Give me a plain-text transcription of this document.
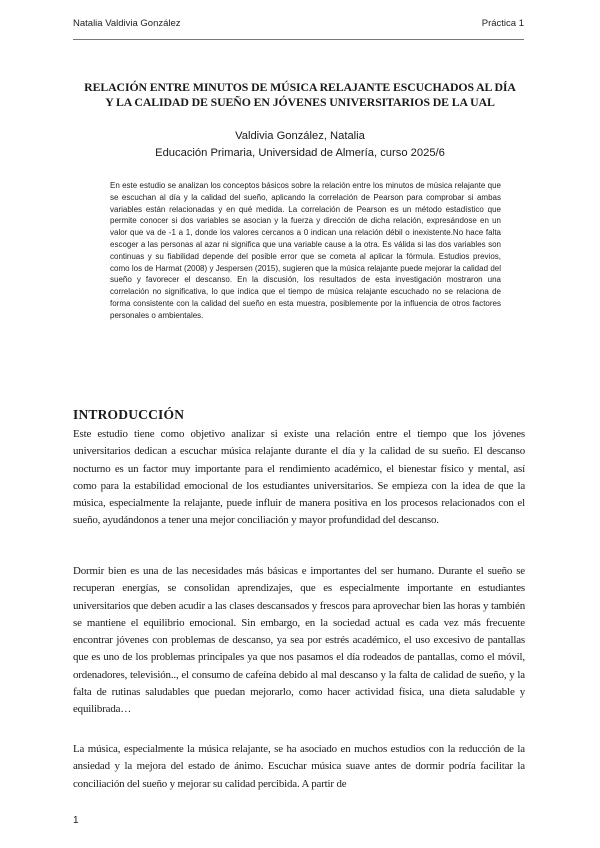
Natalia Valdivia González	Práctica 1
RELACIÓN ENTRE MINUTOS DE MÚSICA RELAJANTE ESCUCHADOS AL DÍA
Y LA CALIDAD DE SUEÑO EN JÓVENES UNIVERSITARIOS DE LA UAL
Valdivia González, Natalia
Educación Primaria, Universidad de Almería, curso 2025/6
En este estudio se analizan los conceptos básicos sobre la relación entre los minutos de música relajante que se escuchan al día y la calidad del sueño, aplicando la correlación de Pearson para comprobar si ambas variables están relacionadas y en qué medida. La correlación de Pearson es un método estadístico que permite conocer si dos variables se asocian y la fuerza y dirección de dicha relación, expresándose en un valor que va de -1 a 1, donde los valores cercanos a 0 indican una relación débil o inexistente.No hace falta escoger a las personas al azar ni significa que una variable cause a la otra. Es válida si las dos variables son continuas y su fiabilidad depende del posible error que se cometa al aplicar la fórmula. Estudios previos, como los de Harmat (2008) y Jespersen (2015), sugieren que la música relajante puede mejorar la calidad del sueño y favorecer el descanso. En la discusión, los resultados de esta investigación mostraron una correlación no significativa, lo que indica que el tiempo de música relajante escuchado no se relaciona de forma consistente con la calidad del sueño en esta muestra, posiblemente por la influencia de otros factores personales o ambientales.
INTRODUCCIÓN
Este estudio tiene como objetivo analizar si existe una relación entre el tiempo que los jóvenes universitarios dedican a escuchar música relajante durante el día y la calidad de su sueño. El descanso nocturno es un factor muy importante para el rendimiento académico, el bienestar físico y mental, así como para la estabilidad emocional de los estudiantes universitarios. Se empieza con la idea de que la música, especialmente la relajante, puede influir de manera positiva en los procesos relacionados con el sueño, ayudándonos a tener una mejor conciliación y mayor profundidad del descanso.
Dormir bien es una de las necesidades más básicas e importantes del ser humano. Durante el sueño se recuperan energías, se consolidan aprendizajes, que es especialmente importante en estudiantes universitarios que deben acudir a las clases descansados y frescos para aprovechar bien las horas y también se mantiene el equilibrio emocional. Sin embargo, en la sociedad actual es cada vez más frecuente encontrar jóvenes con problemas de descanso, ya sea por estrés académico, el uso excesivo de pantallas que es uno de los problemas principales ya que nos pasamos el día rodeados de pantallas, como el móvil, ordenadores, televisión.., el consumo de cafeína debido al mal descanso y la falta de calidad de sueño, y la falta de rutinas saludables que puedan mejorarlo, como hacer actividad física, una dieta saludable y equilibrada…
La música, especialmente la música relajante, se ha asociado en muchos estudios con la reducción de la ansiedad y la mejora del estado de ánimo. Escuchar música suave antes de dormir podría facilitar la conciliación del sueño y mejorar su calidad percibida. A partir de
1
